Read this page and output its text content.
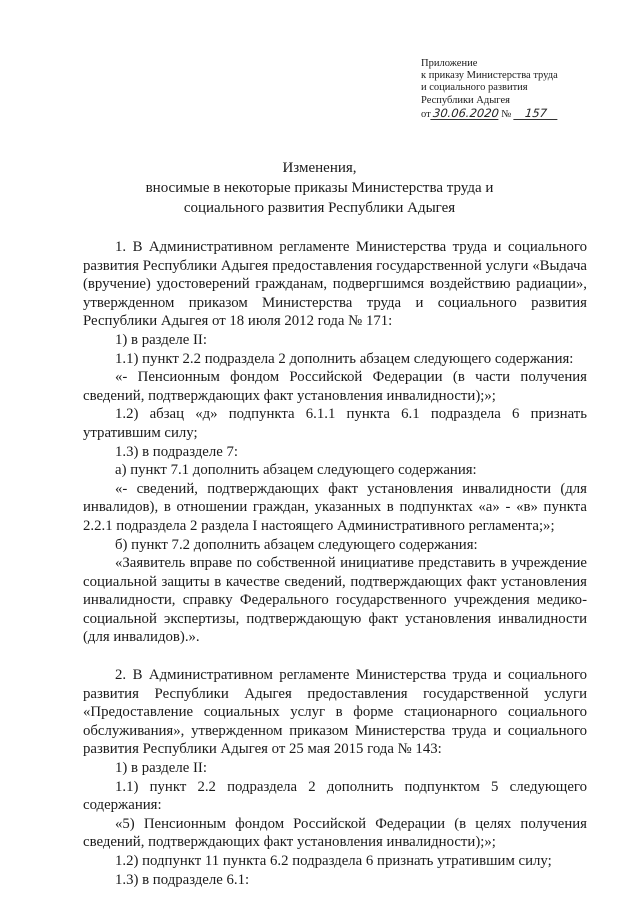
Приложение
к приказу Министерства труда
и социального развития
Республики Адыгея
от30.06.2020 № 157
Изменения,
вносимые в некоторые приказы Министерства труда и
социального развития Республики Адыгея

1. В Административном регламенте Министерства труда и социального развития Республики Адыгея предоставления государственной услуги «Выдача (вручение) удостоверений гражданам, подвергшимся воздействию радиации», утвержденном приказом Министерства труда и социального развития Республики Адыгея от 18 июля 2012 года № 171:

1) в разделе II:

1.1) пункт 2.2 подраздела 2 дополнить абзацем следующего содержания:

«- Пенсионным фондом Российской Федерации (в части получения сведений, подтверждающих факт установления инвалидности);»;

1.2) абзац «д» подпункта 6.1.1 пункта 6.1 подраздела 6 признать утратившим силу;

1.3) в подразделе 7:

а) пункт 7.1 дополнить абзацем следующего содержания:

«- сведений, подтверждающих факт установления инвалидности (для инвалидов), в отношении граждан, указанных в подпунктах «а» - «в» пункта 2.2.1 подраздела 2 раздела I настоящего Административного регламента;»;

б) пункт 7.2 дополнить абзацем следующего содержания:

«Заявитель вправе по собственной инициативе представить в учреждение социальной защиты в качестве сведений, подтверждающих факт установления инвалидности, справку Федерального государственного учреждения медико-социальной экспертизы, подтверждающую факт установления инвалидности (для инвалидов).».

2. В Административном регламенте Министерства труда и социального развития Республики Адыгея предоставления государственной услуги «Предоставление социальных услуг в форме стационарного социального обслуживания», утвержденном приказом Министерства труда и социального развития Республики Адыгея от 25 мая 2015 года № 143:

1) в разделе II:

1.1) пункт 2.2 подраздела 2 дополнить подпунктом 5 следующего содержания:

«5) Пенсионным фондом Российской Федерации (в целях получения сведений, подтверждающих факт установления инвалидности);»;

1.2) подпункт 11 пункта 6.2 подраздела 6 признать утратившим силу;

1.3) в подразделе 6.1:
